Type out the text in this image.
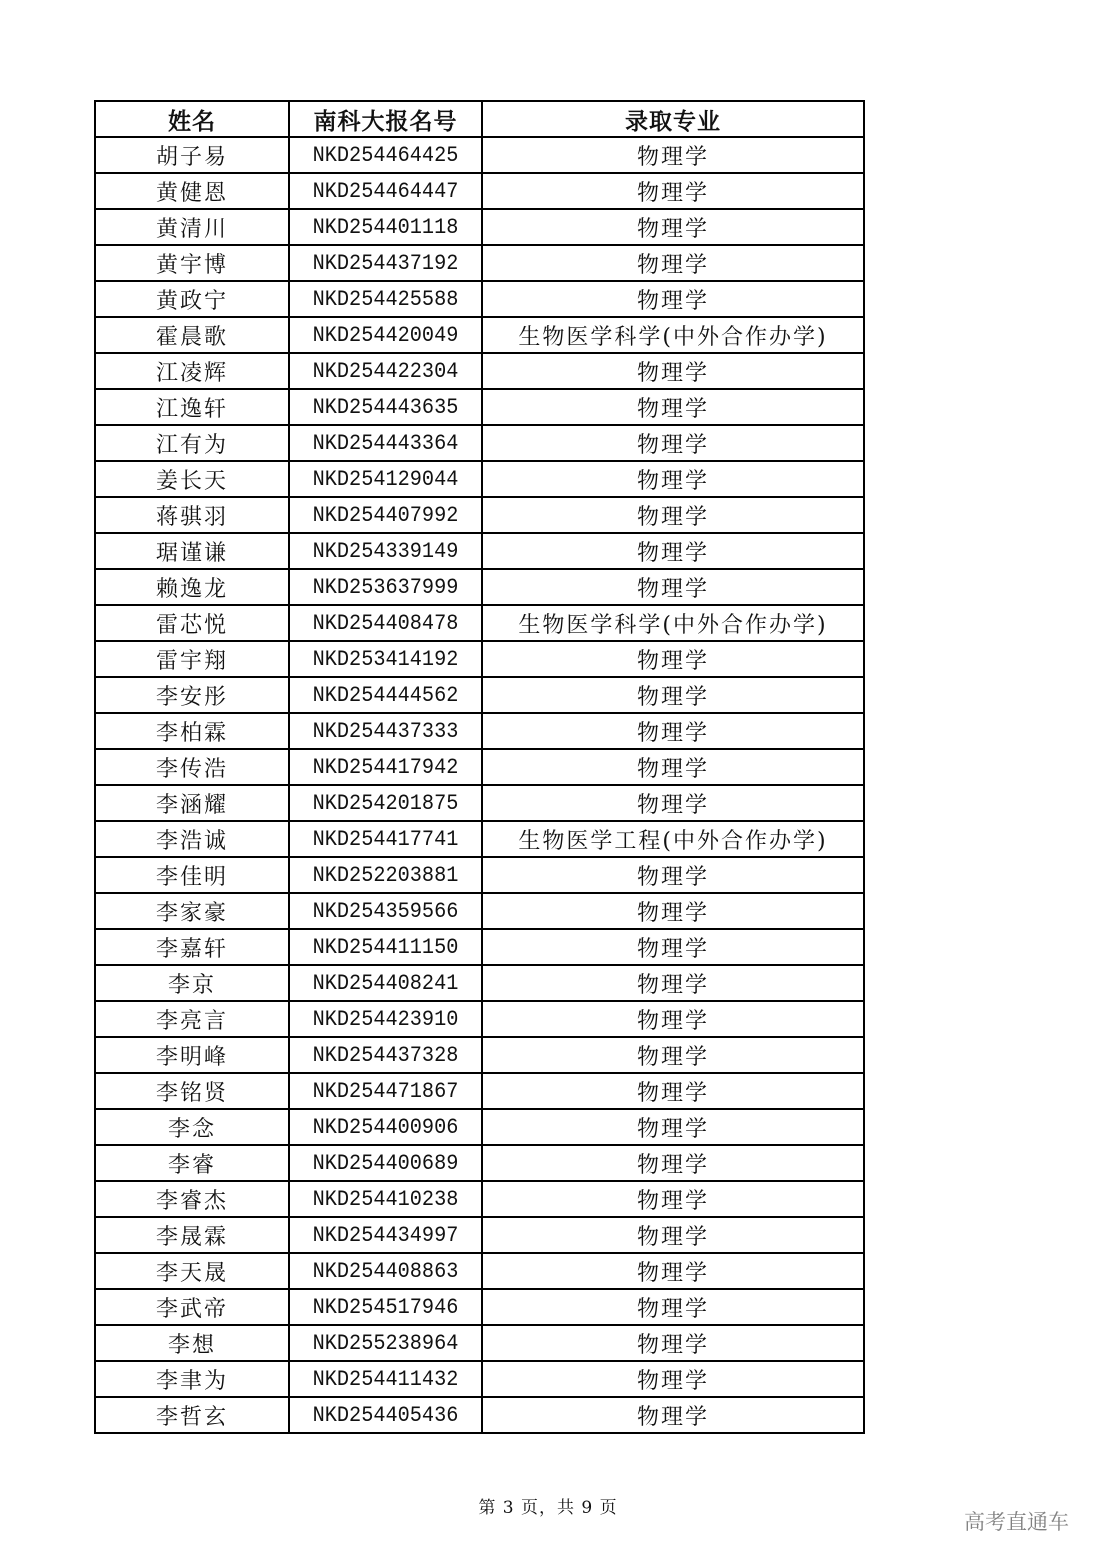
姓名	南科大报名号	录取专业
胡子易	NKD254464425	物理学
黄健恩	NKD254464447	物理学
黄清川	NKD254401118	物理学
黄宇博	NKD254437192	物理学
黄政宁	NKD254425588	物理学
霍晨歌	NKD254420049	生物医学科学(中外合作办学)
江凌辉	NKD254422304	物理学
江逸轩	NKD254443635	物理学
江有为	NKD254443364	物理学
姜长天	NKD254129044	物理学
蒋骐羽	NKD254407992	物理学
琚谨谦	NKD254339149	物理学
赖逸龙	NKD253637999	物理学
雷芯悦	NKD254408478	生物医学科学(中外合作办学)
雷宇翔	NKD253414192	物理学
李安彤	NKD254444562	物理学
李柏霖	NKD254437333	物理学
李传浩	NKD254417942	物理学
李涵耀	NKD254201875	物理学
李浩诚	NKD254417741	生物医学工程(中外合作办学)
李佳明	NKD252203881	物理学
李家豪	NKD254359566	物理学
李嘉轩	NKD254411150	物理学
李京	NKD254408241	物理学
李亮言	NKD254423910	物理学
李明峰	NKD254437328	物理学
李铭贤	NKD254471867	物理学
李念	NKD254400906	物理学
李睿	NKD254400689	物理学
李睿杰	NKD254410238	物理学
李晟霖	NKD254434997	物理学
李天晟	NKD254408863	物理学
李武帝	NKD254517946	物理学
李想	NKD255238964	物理学
李聿为	NKD254411432	物理学
李哲玄	NKD254405436	物理学
第 3 页，共 9 页
高考直通车
